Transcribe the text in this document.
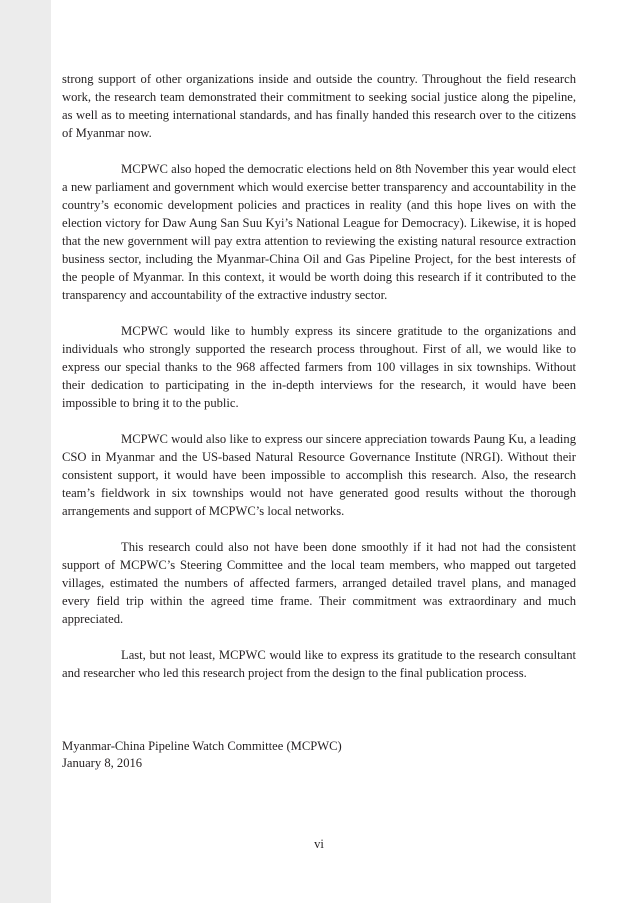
strong support of other organizations inside and outside the country. Throughout the field research work, the research team demonstrated their commitment to seeking social justice along the pipeline, as well as to meeting international standards, and has finally handed this research over to the citizens of Myanmar now.

MCPWC also hoped the democratic elections held on 8th November this year would elect a new parliament and government which would exercise better transparency and accountability in the country’s economic development policies and practices in reality (and this hope lives on with the election victory for Daw Aung San Suu Kyi’s National League for Democracy). Likewise, it is hoped that the new government will pay extra attention to reviewing the existing natural resource extraction business sector, including the Myanmar-China Oil and Gas Pipeline Project, for the best interests of the people of Myanmar. In this context, it would be worth doing this research if it contributed to the transparency and accountability of the extractive industry sector.

MCPWC would like to humbly express its sincere gratitude to the organizations and individuals who strongly supported the research process throughout. First of all, we would like to express our special thanks to the 968 affected farmers from 100 villages in six townships. Without their dedication to participating in the in-depth interviews for the research, it would have been impossible to bring it to the public.

MCPWC would also like to express our sincere appreciation towards Paung Ku, a leading CSO in Myanmar and the US-based Natural Resource Governance Institute (NRGI). Without their consistent support, it would have been impossible to accomplish this research. Also, the research team’s fieldwork in six townships would not have generated good results without the thorough arrangements and support of MCPWC’s local networks.

This research could also not have been done smoothly if it had not had the consistent support of MCPWC’s Steering Committee and the local team members, who mapped out targeted villages, estimated the numbers of affected farmers, arranged detailed travel plans, and managed every field trip within the agreed time frame. Their commitment was extraordinary and much appreciated.

Last, but not least, MCPWC would like to express its gratitude to the research consultant and researcher who led this research project from the design to the final publication process.

Myanmar-China Pipeline Watch Committee (MCPWC)
January 8, 2016
vi
